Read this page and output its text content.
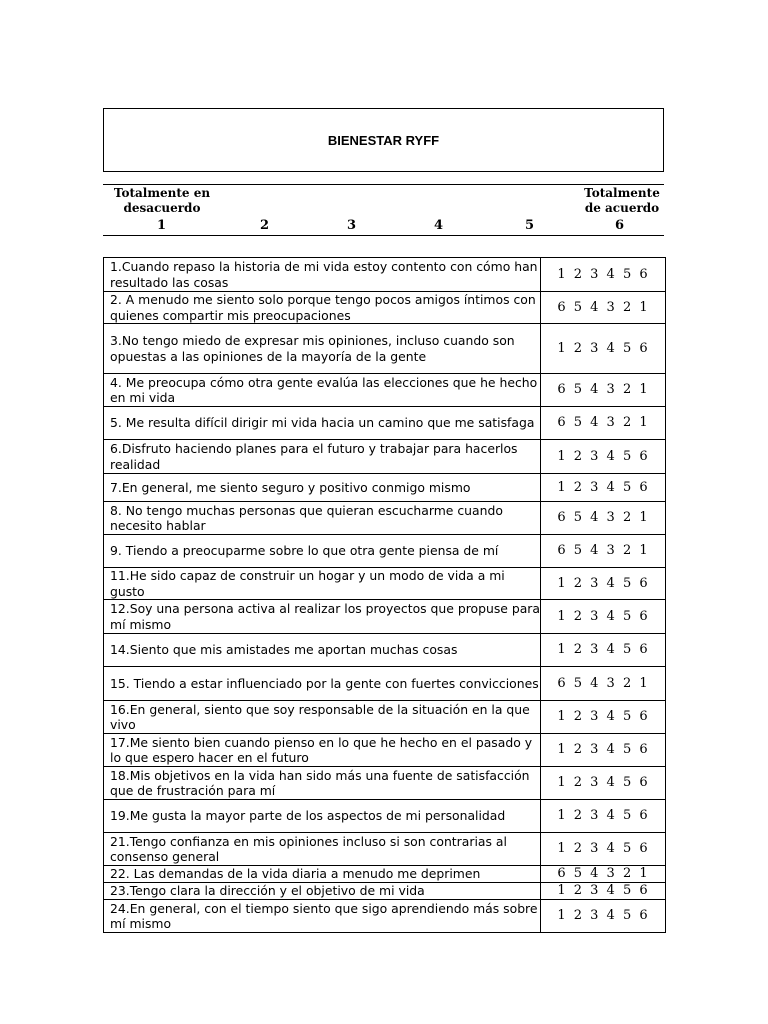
BIENESTAR RYFF
Totalmente en
desacuerdo
Totalmente
de acuerdo
1	2	3	4	5	6
1.Cuando repaso la historia de mi vida estoy contento con cómo han resultado las cosas	1 2 3 4 5 6
2. A menudo me siento solo porque tengo pocos amigos íntimos con quienes compartir mis preocupaciones	6 5 4 3 2 1
3.No tengo miedo de expresar mis opiniones, incluso cuando son opuestas a las opiniones de la mayoría de la gente	1 2 3 4 5 6
4. Me preocupa cómo otra gente evalúa las elecciones que he hecho en mi vida	6 5 4 3 2 1
5. Me resulta difícil dirigir mi vida hacia un camino que me satisfaga	6 5 4 3 2 1
6.Disfruto haciendo planes para el futuro y trabajar para hacerlos realidad	1 2 3 4 5 6
7.En general, me siento seguro y positivo conmigo mismo	1 2 3 4 5 6
8. No tengo muchas personas que quieran escucharme cuando necesito hablar	6 5 4 3 2 1
9. Tiendo a preocuparme sobre lo que otra gente piensa de mí	6 5 4 3 2 1
11.He sido capaz de construir un hogar y un modo de vida a mi gusto	1 2 3 4 5 6
12.Soy una persona activa al realizar los proyectos que propuse para mí mismo	1 2 3 4 5 6
14.Siento que mis amistades me aportan muchas cosas	1 2 3 4 5 6
15. Tiendo a estar influenciado por la gente con fuertes convicciones	6 5 4 3 2 1
16.En general, siento que soy responsable de la situación en la que vivo	1 2 3 4 5 6
17.Me siento bien cuando pienso en lo que he hecho en el pasado y lo que espero hacer en el futuro	1 2 3 4 5 6
18.Mis objetivos en la vida han sido más una fuente de satisfacción que de frustración para mí	1 2 3 4 5 6
19.Me gusta la mayor parte de los aspectos de mi personalidad	1 2 3 4 5 6
21.Tengo confianza en mis opiniones incluso si son contrarias al consenso general	1 2 3 4 5 6
22. Las demandas de la vida diaria a menudo me deprimen	6 5 4 3 2 1
23.Tengo clara la dirección y el objetivo de mi vida	1 2 3 4 5 6
24.En general, con el tiempo siento que sigo aprendiendo más sobre mí mismo	1 2 3 4 5 6
